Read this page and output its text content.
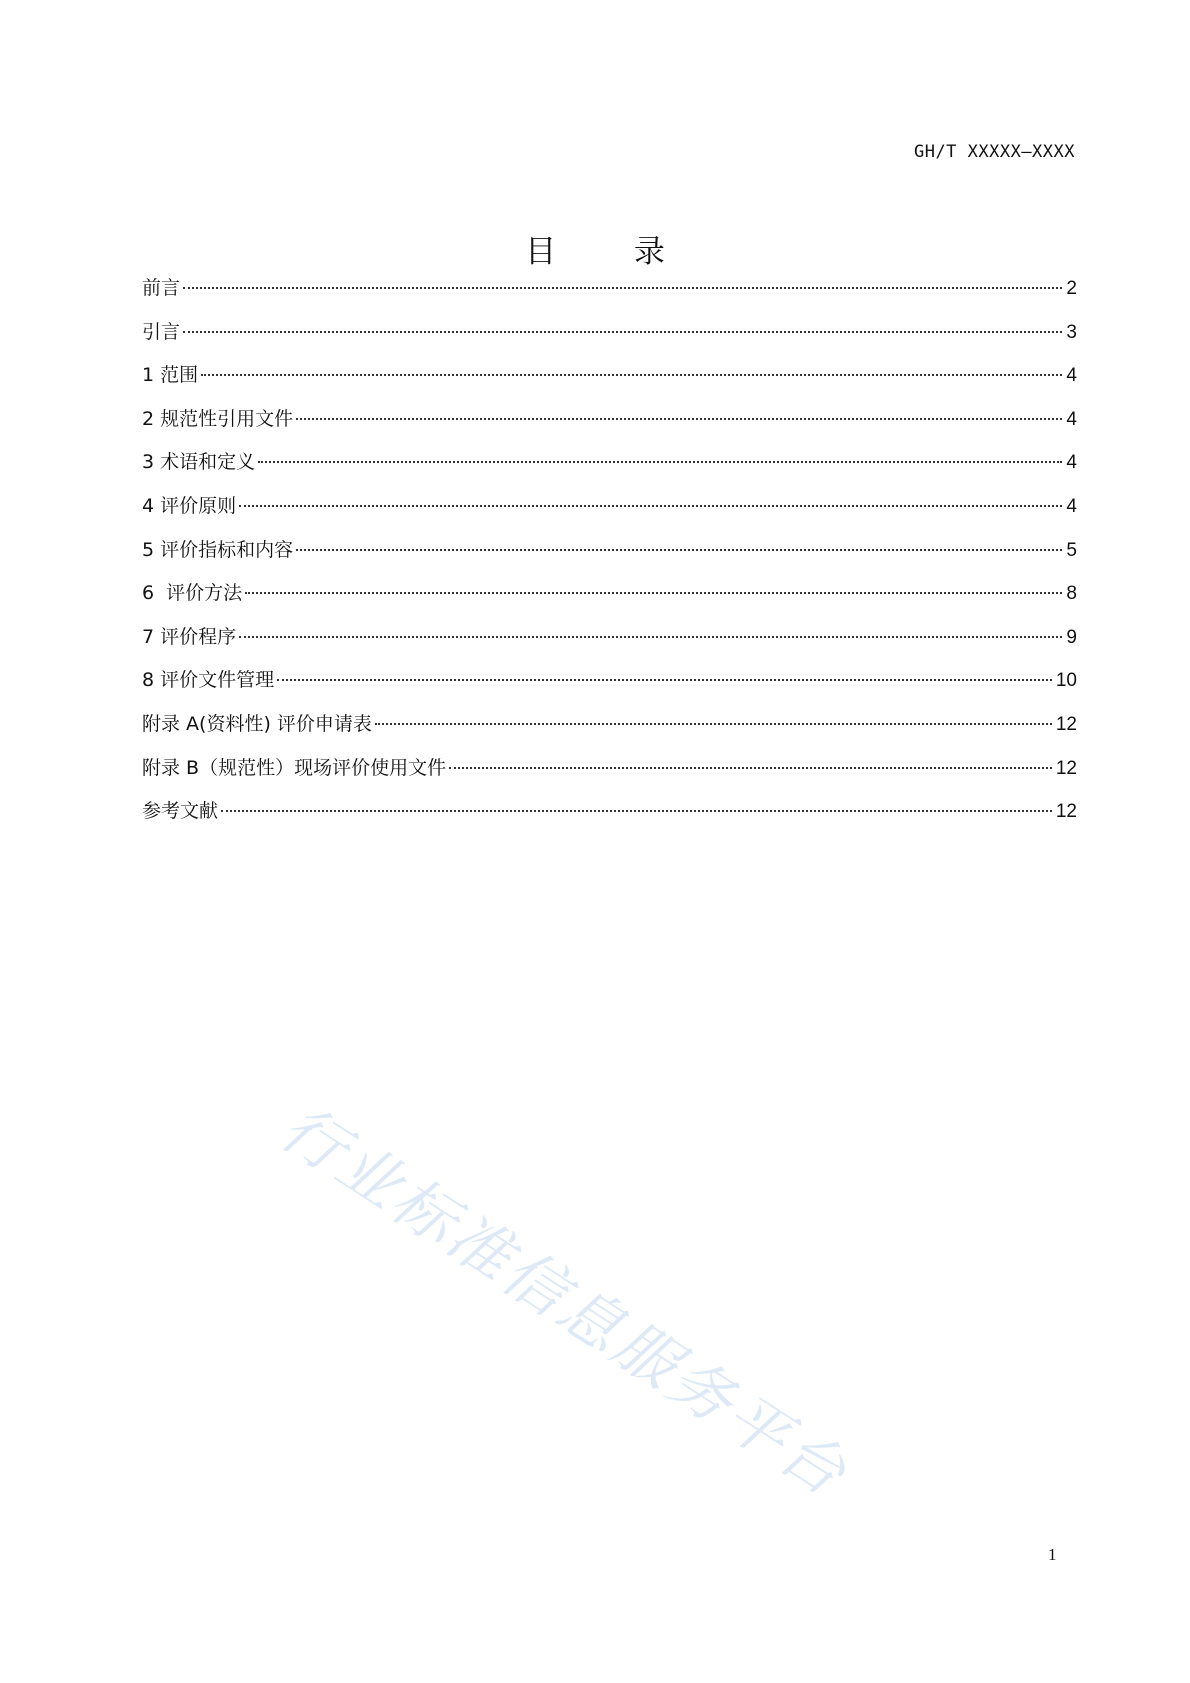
GH/T XXXXX—XXXX
目 录
前言	2
引言	3
1 范围	4
2 规范性引用文件	4
3 术语和定义	4
4 评价原则	4
5 评价指标和内容	5
6  评价方法	8
7 评价程序	9
8 评价文件管理	10
附录 A(资料性) 评价申请表	12
附录 B（规范性）现场评价使用文件	12
参考文献	12
行业标准信息服务平台
1
